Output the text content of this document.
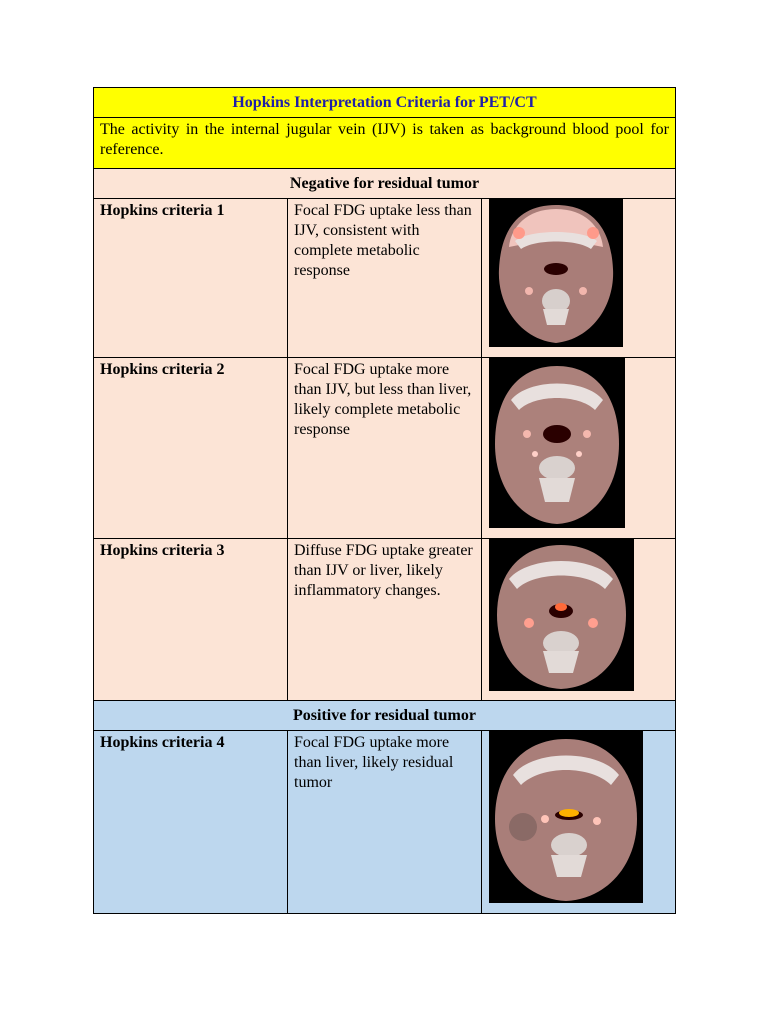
Hopkins Interpretation Criteria for PET/CT		
The activity in the internal jugular vein (IJV) is taken as background blood pool for reference.		
Negative for residual tumor		

Hopkins criteria 1	Focal FDG uptake less than IJV, consistent with complete metabolic response

Hopkins criteria 2	Focal FDG uptake more than IJV, but less than liver, likely complete metabolic response

Hopkins criteria 3	Diffuse FDG uptake greater than IJV or liver, likely inflammatory changes.

Positive for residual tumor		

Hopkins criteria 4	Focal FDG uptake more than liver, likely residual tumor
